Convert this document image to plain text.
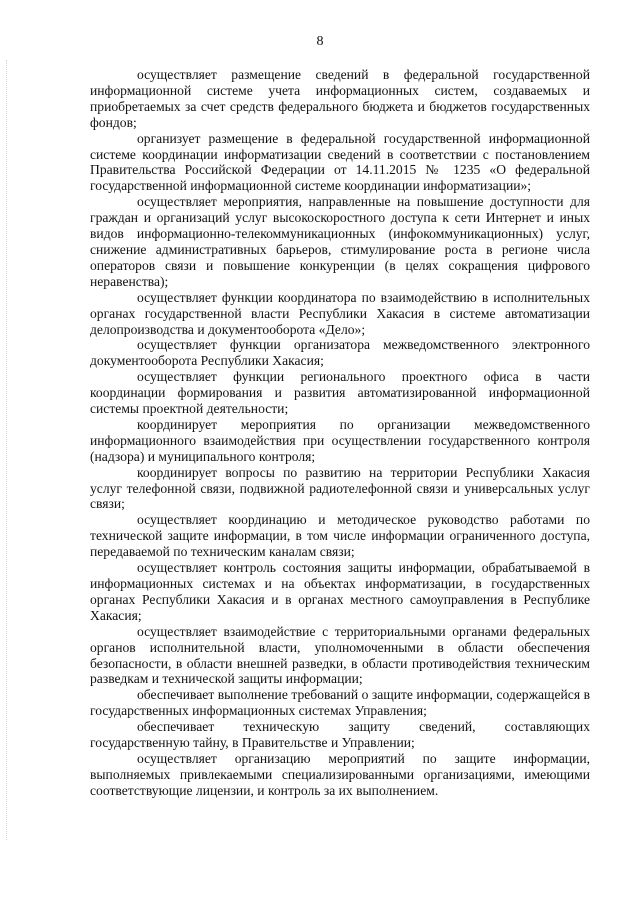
8

осуществляет размещение сведений в федеральной государственной информационной системе учета информационных систем, создаваемых и приобретаемых за счет средств федерального бюджета и бюджетов государственных фондов;

организует размещение в федеральной государственной информационной системе координации информатизации сведений в соответствии с постановлением Правительства Российской Федерации от 14.11.2015 № 1235 «О федеральной государственной информационной системе координации информатизации»;

осуществляет мероприятия, направленные на повышение доступности для граждан и организаций услуг высокоскоростного доступа к сети Интернет и иных видов информационно-телекоммуникационных (инфокоммуникационных) услуг, снижение административных барьеров, стимулирование роста в регионе числа операторов связи и повышение конкуренции (в целях сокращения цифрового неравенства);

осуществляет функции координатора по взаимодействию в исполнительных органах государственной власти Республики Хакасия в системе автоматизации делопроизводства и документооборота «Дело»;

осуществляет функции организатора межведомственного электронного документооборота Республики Хакасия;

осуществляет функции регионального проектного офиса в части координации формирования и развития автоматизированной информационной системы проектной деятельности;

координирует мероприятия по организации межведомственного информационного взаимодействия при осуществлении государственного контроля (надзора) и муниципального контроля;

координирует вопросы по развитию на территории Республики Хакасия услуг телефонной связи, подвижной радиотелефонной связи и универсальных услуг связи;

осуществляет координацию и методическое руководство работами по технической защите информации, в том числе информации ограниченного доступа, передаваемой по техническим каналам связи;

осуществляет контроль состояния защиты информации, обрабатываемой в информационных системах и на объектах информатизации, в государственных органах Республики Хакасия и в органах местного самоуправления в Республике Хакасия;

осуществляет взаимодействие с территориальными органами федеральных органов исполнительной власти, уполномоченными в области обеспечения безопасности, в области внешней разведки, в области противодействия техническим разведкам и технической защиты информации;

обеспечивает выполнение требований о защите информации, содержащейся в государственных информационных системах Управления;

обеспечивает техническую защиту сведений, составляющих государственную тайну, в Правительстве и Управлении;

осуществляет организацию мероприятий по защите информации, выполняемых привлекаемыми специализированными организациями, имеющими соответствующие лицензии, и контроль за их выполнением.
